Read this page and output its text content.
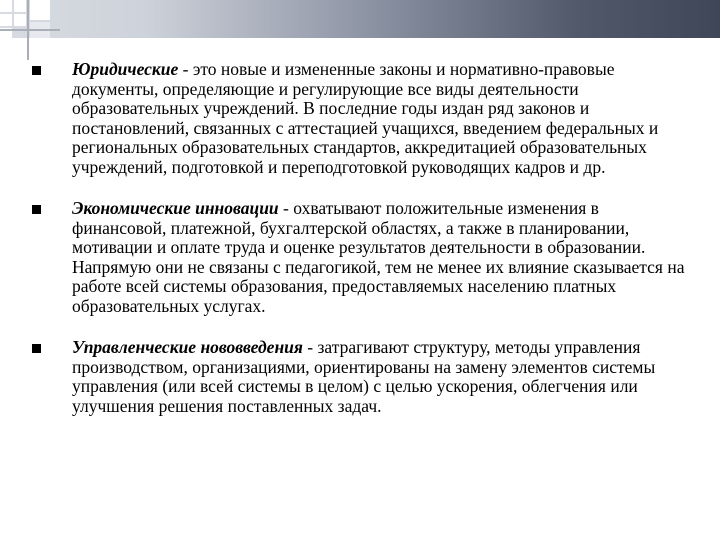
Юридические - это новые и измененные законы и нормативно-правовые документы, определяющие и регулирующие все виды деятельности образовательных учреждений. В последние годы издан ряд законов и постановлений, связанных с аттестацией учащихся, введением федеральных и региональных образовательных стандартов, аккредитацией образовательных учреждений, подготовкой и переподготовкой руководящих кадров и др.
Экономические инновации - охватывают положительные изменения в финансовой, платежной, бухгалтерской областях, а также в планировании, мотивации и оплате труда и оценке результатов деятельности в образовании. Напрямую они не связаны с педагогикой, тем не менее их влияние сказывается на работе всей системы образования, предоставляемых населению платных образовательных услугах.
Управленческие нововведения - затрагивают структуру, методы управления производством, организациями, ориентированы на замену элементов системы управления (или всей системы в целом) с целью ускорения, облегчения или улучшения решения поставленных задач.
